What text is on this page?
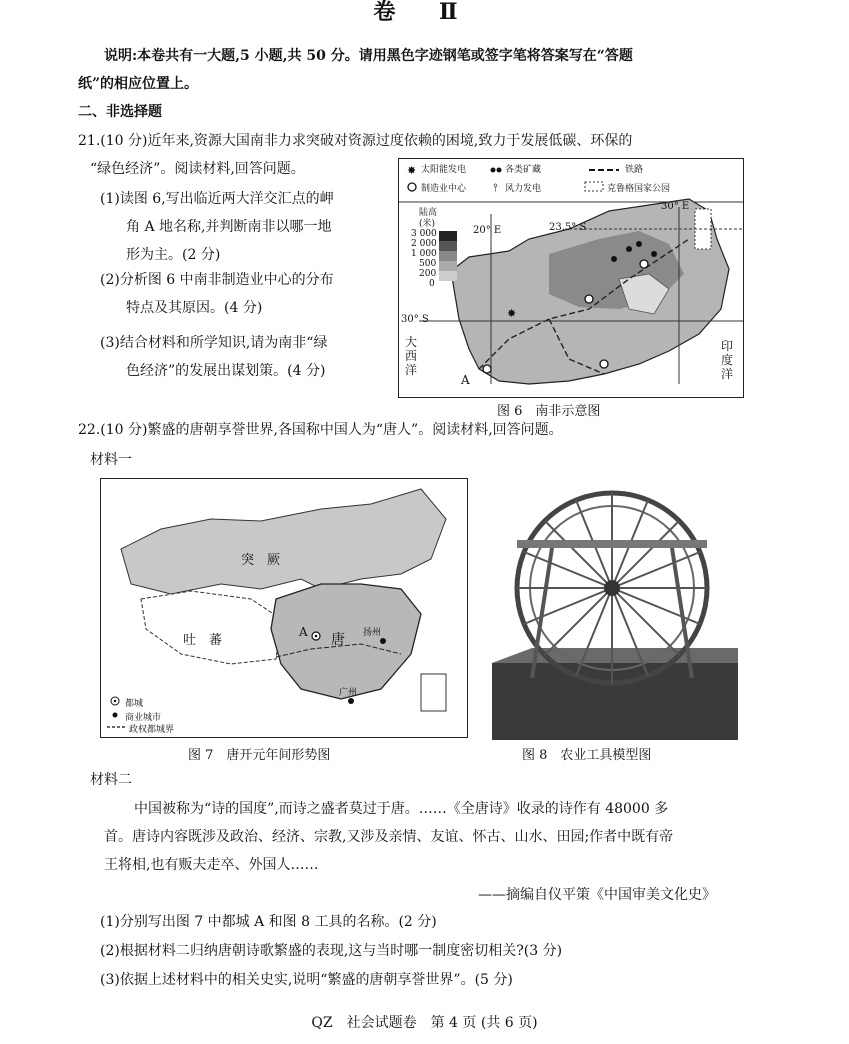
卷 Ⅱ
说明:本卷共有一大题,5 小题,共 50 分。请用黑色字迹钢笔或签字笔将答案写在“答题
纸”的相应位置上。
二、非选择题
21.(10 分)近年来,资源大国南非力求突破对资源过度依赖的困境,致力于发展低碳、环保的
“绿色经济”。阅读材料,回答问题。
(1)读图 6,写出临近两大洋交汇点的岬
角 A 地名称,并判断南非以哪一地
形为主。(2 分)
(2)分析图 6 中南非制造业中心的分布
特点及其原因。(4 分)
(3)结合材料和所学知识,请为南非“绿
色经济”的发展出谋划策。(4 分)
✸
⫯
✸
太阳能发电	各类矿藏	铁路
制造业中心	风力发电	克鲁格国家公园
陆高
(米)
3 000
2 000
1 000
500
200
0
20° E
30° E
23.5° S
30° S
大西洋
印度洋
A
图 6　南非示意图
22.(10 分)繁盛的唐朝享誉世界,各国称中国人为“唐人”。阅读材料,回答问题。
材料一
突　厥
吐　蕃	唐
A	扬州
广州
都城
商业城市
政权都城界
图 7　唐开元年间形势图	图 8　农业工具模型图
材料二
中国被称为“诗的国度”,而诗之盛者莫过于唐。……《全唐诗》收录的诗作有 48000 多
首。唐诗内容既涉及政治、经济、宗教,又涉及亲情、友谊、怀古、山水、田园;作者中既有帝
王将相,也有贩夫走卒、外国人……
——摘编自仪平策《中国审美文化史》
(1)分别写出图 7 中都城 A 和图 8 工具的名称。(2 分)
(2)根据材料二归纳唐朝诗歌繁盛的表现,这与当时哪一制度密切相关?(3 分)
(3)依据上述材料中的相关史实,说明“繁盛的唐朝享誉世界”。(5 分)
QZ　社会试题卷　第 4 页 (共 6 页)
